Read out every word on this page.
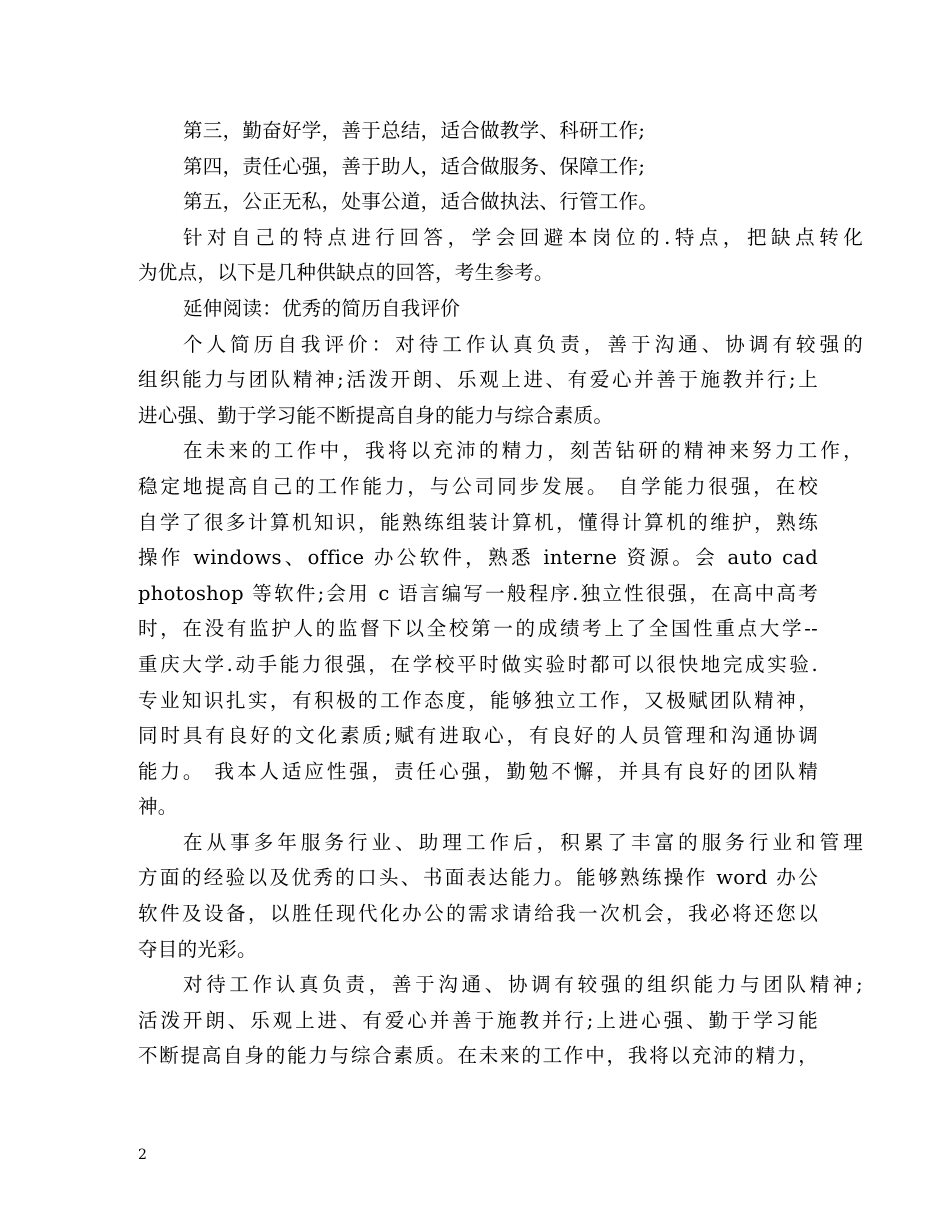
第三，勤奋好学，善于总结，适合做教学、科研工作;

第四，责任心强，善于助人，适合做服务、保障工作;

第五，公正无私，处事公道，适合做执法、行管工作。

针对自己的特点进行回答，学会回避本岗位的.特点，把缺点转化
为优点，以下是几种供缺点的回答，考生参考。

延伸阅读：优秀的简历自我评价

个人简历自我评价：对待工作认真负责，善于沟通、协调有较强的
组织能力与团队精神;活泼开朗、乐观上进、有爱心并善于施教并行;上
进心强、勤于学习能不断提高自身的能力与综合素质。

在未来的工作中，我将以充沛的精力，刻苦钻研的精神来努力工作，
稳定地提高自己的工作能力，与公司同步发展。 自学能力很强，在校
自学了很多计算机知识，能熟练组装计算机，懂得计算机的维护，熟练
操作 windows、office 办公软件，熟悉 interne 资源。会 auto cad
photoshop 等软件;会用 c 语言编写一般程序.独立性很强，在高中高考
时，在没有监护人的监督下以全校第一的成绩考上了全国性重点大学--
重庆大学.动手能力很强，在学校平时做实验时都可以很快地完成实验.
专业知识扎实，有积极的工作态度，能够独立工作，又极赋团队精神，
同时具有良好的文化素质;赋有进取心，有良好的人员管理和沟通协调
能力。 我本人适应性强，责任心强，勤勉不懈，并具有良好的团队精
神。

在从事多年服务行业、助理工作后，积累了丰富的服务行业和管理
方面的经验以及优秀的口头、书面表达能力。能够熟练操作 word 办公
软件及设备，以胜任现代化办公的需求请给我一次机会，我必将还您以
夺目的光彩。

对待工作认真负责，善于沟通、协调有较强的组织能力与团队精神;
活泼开朗、乐观上进、有爱心并善于施教并行;上进心强、勤于学习能
不断提高自身的能力与综合素质。在未来的工作中，我将以充沛的精力，

2
